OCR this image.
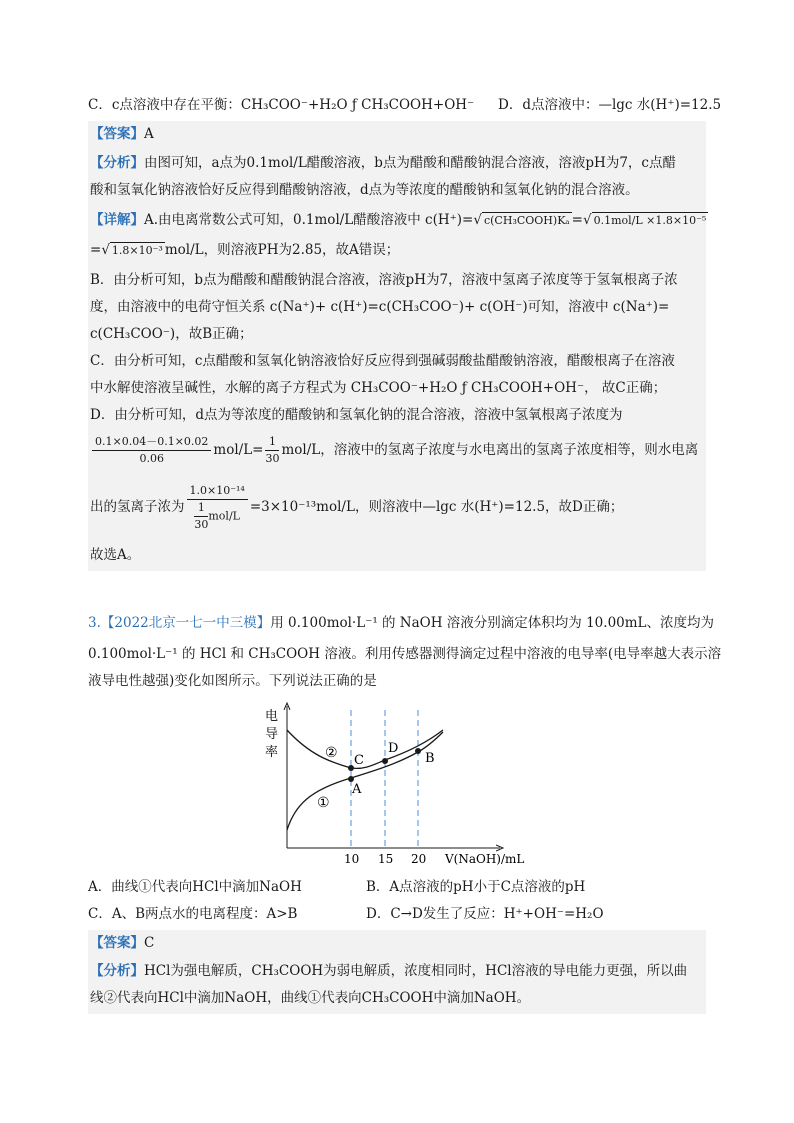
C．c点溶液中存在平衡：CH₃COO⁻+H₂O ƒ CH₃COOH+OH⁻ D．d点溶液中：—lgc 水(H⁺)=12.5
【答案】A
【分析】由图可知，a点为0.1mol/L醋酸溶液，b点为醋酸和醋酸钠混合溶液，溶液pH为7，c点醋
酸和氢氧化钠溶液恰好反应得到醋酸钠溶液，d点为等浓度的醋酸钠和氢氧化钠的混合溶液。
【详解】A.由电离常数公式可知，0.1mol/L醋酸溶液中 c(H⁺)=√ c(CH₃COOH)Kₐ =√ 0.1mol/L ×1.8×10⁻⁵
=√ 1.8×10⁻³ mol/L，则溶液PH为2.85，故A错误；
B．由分析可知，b点为醋酸和醋酸钠混合溶液，溶液pH为7，溶液中氢离子浓度等于氢氧根离子浓
度，由溶液中的电荷守恒关系 c(Na⁺)+ c(H⁺)=c(CH₃COO⁻)+ c(OH⁻)可知，溶液中 c(Na⁺)=
c(CH₃COO⁻)，故B正确；
C．由分析可知，c点醋酸和氢氧化钠溶液恰好反应得到强碱弱酸盐醋酸钠溶液，醋酸根离子在溶液
中水解使溶液呈碱性，水解的离子方程式为 CH₃COO⁻+H₂O ƒ CH₃COOH+OH⁻， 故C正确；
D．由分析可知，d点为等浓度的醋酸钠和氢氧化钠的混合溶液，溶液中氢氧根离子浓度为
$\frac{0.1\times 0.04-0.1\times 0.02}{0.06} mol/L= \frac{1}{30} mol/L$，溶液中的氢离子浓度与水电离出的氢离子浓度相等，则水电离
出的氢离子浓为 $\frac{\text{1.0×10⁻¹⁴}}{\frac{1}{30} mol/L} =3\times 10^{-13}mol/L$，则溶液中—lgc 水(H⁺)=12.5，故D正确；
故选A。
3.【2022北京一七一中三模】用 0.100mol·L⁻¹ 的 NaOH 溶液分别滴定体积均为 10.00mL、浓度均为
0.100mol·L⁻¹ 的 HCl 和 CH₃COOH 溶液。利用传感器测得滴定过程中溶液的电导率(电导率越大表示溶
液导电性越强)变化如图所示。下列说法正确的是
电
导
率
C
A
D
B
②
①
10 15 20 V(NaOH)/mL
A．曲线①代表向HCl中滴加NaOH	B．A点溶液的pH小于C点溶液的pH
C．A、B两点水的电离程度：A>B	D．C→D发生了反应：H⁺+OH⁻=H₂O
【答案】C
【分析】HCl为强电解质，CH₃COOH为弱电解质，浓度相同时，HCl溶液的导电能力更强，所以曲
线②代表向HCl中滴加NaOH，曲线①代表向CH₃COOH中滴加NaOH。
